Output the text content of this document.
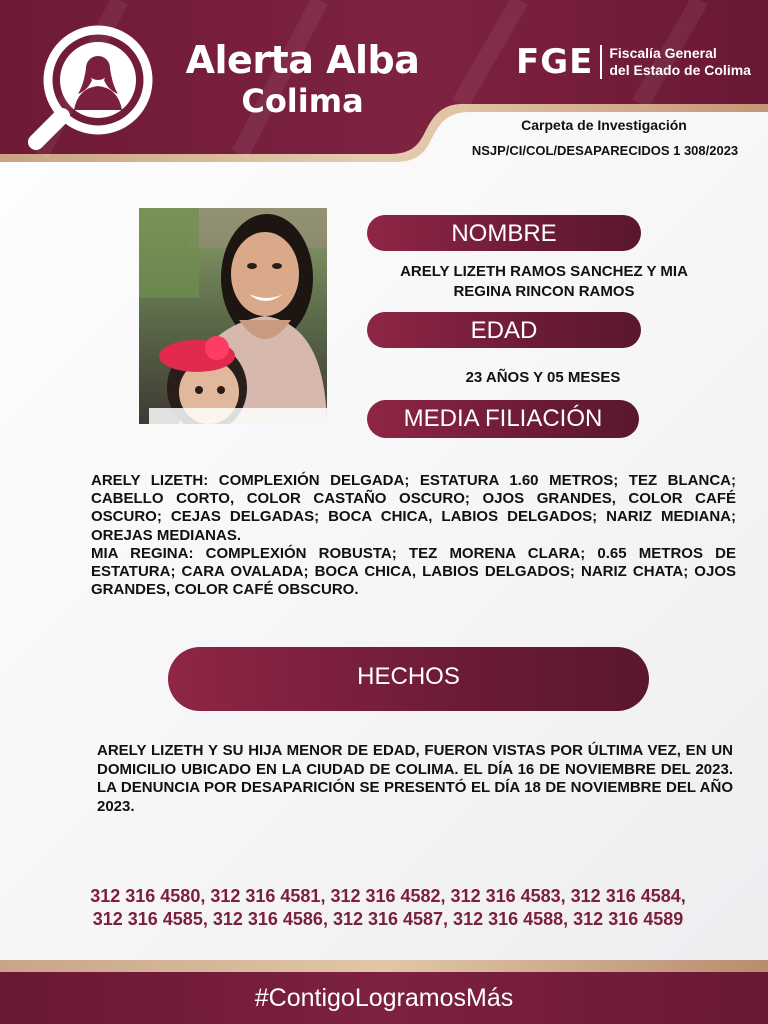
Alerta Alba
Colima
FGE Fiscalía General
del Estado de Colima
Carpeta de Investigación
NSJP/CI/COL/DESAPARECIDOS 1 308/2023
NOMBRE
ARELY LIZETH RAMOS SANCHEZ Y MIA REGINA RINCON RAMOS
EDAD
23 AÑOS Y 05 MESES
MEDIA FILIACIÓN

ARELY LIZETH: COMPLEXIÓN DELGADA; ESTATURA 1.60 METROS; TEZ BLANCA; CABELLO CORTO, COLOR CASTAÑO OSCURO; OJOS GRANDES, COLOR CAFÉ OSCURO; CEJAS DELGADAS; BOCA CHICA, LABIOS DELGADOS; NARIZ MEDIANA; OREJAS MEDIANAS.

MIA REGINA: COMPLEXIÓN ROBUSTA; TEZ MORENA CLARA; 0.65 METROS DE ESTATURA; CARA OVALADA; BOCA CHICA, LABIOS DELGADOS; NARIZ CHATA; OJOS GRANDES, COLOR CAFÉ OBSCURO.

HECHOS
ARELY LIZETH Y SU HIJA MENOR DE EDAD, FUERON VISTAS POR ÚLTIMA VEZ, EN UN DOMICILIO UBICADO EN LA CIUDAD DE COLIMA. EL DÍA 16 DE NOVIEMBRE DEL 2023. LA DENUNCIA POR DESAPARICIÓN SE PRESENTÓ EL DÍA 18 DE NOVIEMBRE DEL AÑO 2023.
312 316 4580, 312 316 4581, 312 316 4582, 312 316 4583, 312 316 4584, 312 316 4585, 312 316 4586, 312 316 4587, 312 316 4588, 312 316 4589
#ContigoLogramosMás
